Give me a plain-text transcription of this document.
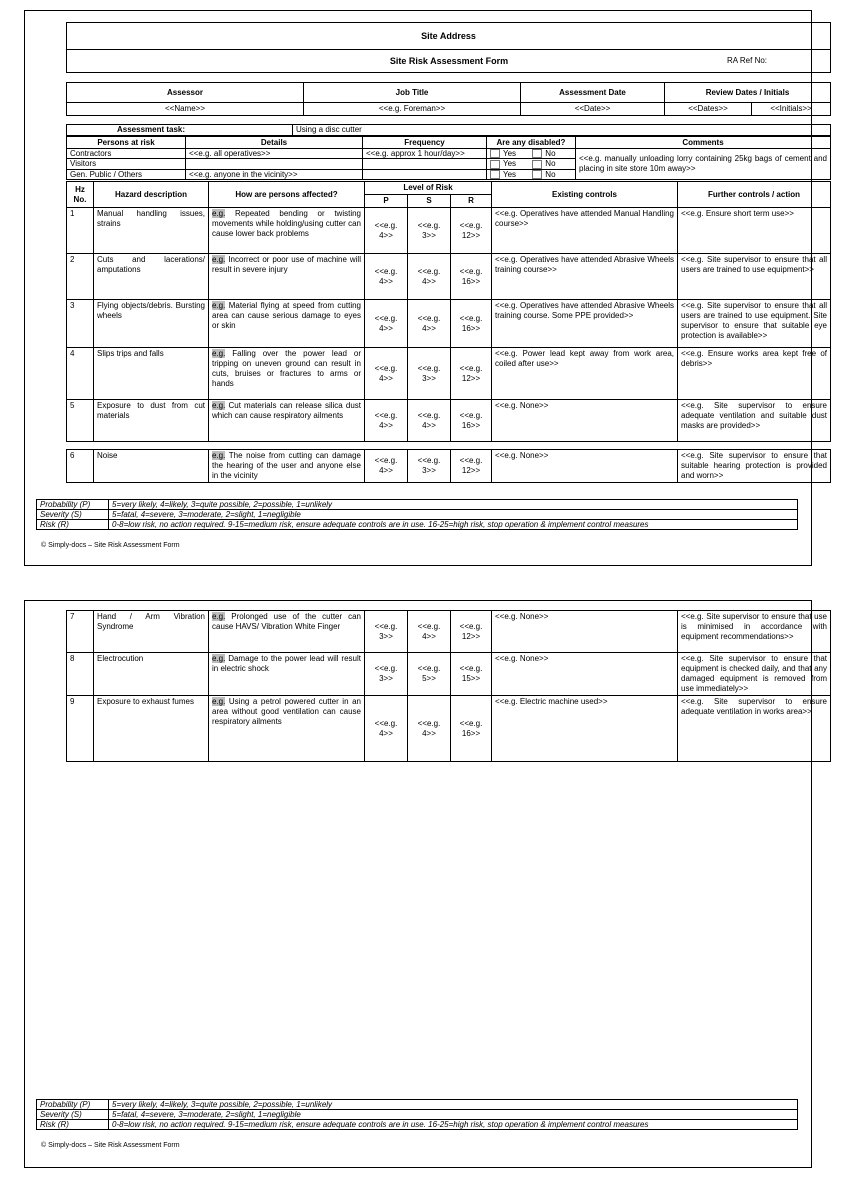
Site Address
Site Risk Assessment Form	RA Ref No:
Assessor	Job Title	Assessment Date	Review Dates / Initials	
<<Name>>	<<e.g. Foreman>>	<<Date>>	<<Dates>>	<<Initials>>
Assessment task:	Using a disc cutter
Persons at risk	Details	Frequency	Are any disabled?	Comments
Contractors	<<e.g. all operatives>>	<<e.g. approx 1 hour/day>>	Yes No	<<e.g. manually unloading lorry containing 25kg bags of cement and placing in site store 10m away>>
Visitors			Yes No	
Gen. Public / Others	<<e.g. anyone in the vicinity>>		Yes No	
Hz No.	Hazard description	How are persons affected?	Level of Risk			Existing controls	Further controls / action
			P	S	R		
1	Manual handling issues, strains	e.g. Repeated bending or twisting movements while holding/using cutter can cause lower back problems	<<e.g. 4>>	<<e.g. 3>>	<<e.g. 12>>	<<e.g. Operatives have attended Manual Handling course>>	<<e.g. Ensure short term use>>
2	Cuts and lacerations/ amputations	e.g. Incorrect or poor use of machine will result in severe injury	<<e.g. 4>>	<<e.g. 4>>	<<e.g. 16>>	<<e.g. Operatives have attended Abrasive Wheels training course>>	<<e.g. Site supervisor to ensure that all users are trained to use equipment>>
3	Flying objects/debris. Bursting wheels	e.g. Material flying at speed from cutting area can cause serious damage to eyes or skin	<<e.g. 4>>	<<e.g. 4>>	<<e.g. 16>>	<<e.g. Operatives have attended Abrasive Wheels training course. Some PPE provided>>	<<e.g. Site supervisor to ensure that all users are trained to use equipment. Site supervisor to ensure that suitable eye protection is available>>
4	Slips trips and falls	e.g. Falling over the power lead or tripping on uneven ground can result in cuts, bruises or fractures to arms or hands	<<e.g. 4>>	<<e.g. 3>>	<<e.g. 12>>	<<e.g. Power lead kept away from work area, coiled after use>>	<<e.g. Ensure works area kept free of debris>>
5	Exposure to dust from cut materials	e.g. Cut materials can release silica dust which can cause respiratory ailments	<<e.g. 4>>	<<e.g. 4>>	<<e.g. 16>>	<<e.g. None>>	<<e.g. Site supervisor to ensure adequate ventilation and suitable dust masks are provided>>
6	Noise	e.g. The noise from cutting can damage the hearing of the user and anyone else in the vicinity	<<e.g. 4>>	<<e.g. 3>>	<<e.g. 12>>	<<e.g. None>>	<<e.g. Site supervisor to ensure that suitable hearing protection is provided and worn>>
Probability (P)	5=very likely, 4=likely, 3=quite possible, 2=possible, 1=unlikely
Severity (S)	5=fatal, 4=severe, 3=moderate, 2=slight, 1=negligible
Risk (R)	0-8=low risk, no action required. 9-15=medium risk, ensure adequate controls are in use. 16-25=high risk, stop operation & implement control measures
© Simply-docs – Site Risk Assessment Form
7	Hand / Arm Vibration Syndrome	e.g. Prolonged use of the cutter can cause HAVS/ Vibration White Finger	<<e.g. 3>>	<<e.g. 4>>	<<e.g. 12>>	<<e.g. None>>	<<e.g. Site supervisor to ensure that use is minimised in accordance with equipment recommendations>>
8	Electrocution	e.g. Damage to the power lead will result in electric shock	<<e.g. 3>>	<<e.g. 5>>	<<e.g. 15>>	<<e.g. None>>	<<e.g. Site supervisor to ensure that equipment is checked daily, and that any damaged equipment is removed from use immediately>>
9	Exposure to exhaust fumes	e.g. Using a petrol powered cutter in an area without good ventilation can cause respiratory ailments	<<e.g. 4>>	<<e.g. 4>>	<<e.g. 16>>	<<e.g. Electric machine used>>	<<e.g. Site supervisor to ensure adequate ventilation in works area>>
Probability (P)	5=very likely, 4=likely, 3=quite possible, 2=possible, 1=unlikely
Severity (S)	5=fatal, 4=severe, 3=moderate, 2=slight, 1=negligible
Risk (R)	0-8=low risk, no action required. 9-15=medium risk, ensure adequate controls are in use. 16-25=high risk, stop operation & implement control measures
© Simply-docs – Site Risk Assessment Form
